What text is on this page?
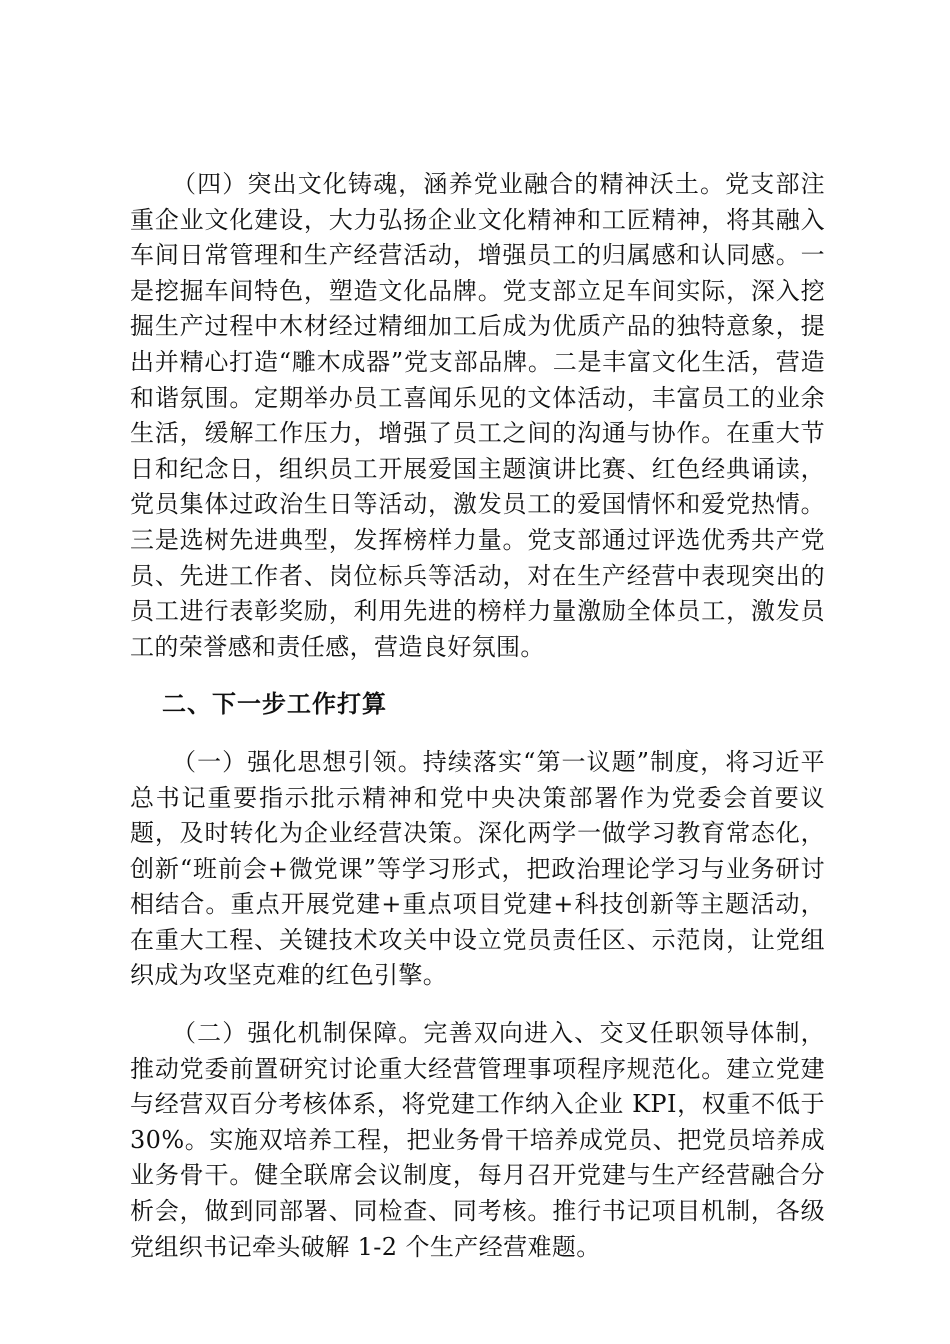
（四）突出文化铸魂，涵养党业融合的精神沃土。党支部注重企业文化建设，大力弘扬企业文化精神和工匠精神，将其融入车间日常管理和生产经营活动，增强员工的归属感和认同感。一是挖掘车间特色，塑造文化品牌。党支部立足车间实际，深入挖掘生产过程中木材经过精细加工后成为优质产品的独特意象，提出并精心打造“雕木成器”党支部品牌。二是丰富文化生活，营造和谐氛围。定期举办员工喜闻乐见的文体活动，丰富员工的业余生活，缓解工作压力，增强了员工之间的沟通与协作。在重大节日和纪念日，组织员工开展爱国主题演讲比赛、红色经典诵读，党员集体过政治生日等活动，激发员工的爱国情怀和爱党热情。三是选树先进典型，发挥榜样力量。党支部通过评选优秀共产党员、先进工作者、岗位标兵等活动，对在生产经营中表现突出的员工进行表彰奖励，利用先进的榜样力量激励全体员工，激发员工的荣誉感和责任感，营造良好氛围。

二、下一步工作打算

（一）强化思想引领。持续落实“第一议题”制度，将习近平总书记重要指示批示精神和党中央决策部署作为党委会首要议题，及时转化为企业经营决策。深化两学一做学习教育常态化，创新“班前会+微党课”等学习形式，把政治理论学习与业务研讨相结合。重点开展党建+重点项目党建+科技创新等主题活动，在重大工程、关键技术攻关中设立党员责任区、示范岗，让党组织成为攻坚克难的红色引擎。

（二）强化机制保障。完善双向进入、交叉任职领导体制，推动党委前置研究讨论重大经营管理事项程序规范化。建立党建与经营双百分考核体系，将党建工作纳入企业 KPI，权重不低于 30%。实施双培养工程，把业务骨干培养成党员、把党员培养成业务骨干。健全联席会议制度，每月召开党建与生产经营融合分析会，做到同部署、同检查、同考核。推行书记项目机制，各级党组织书记牵头破解 1-2 个生产经营难题。
